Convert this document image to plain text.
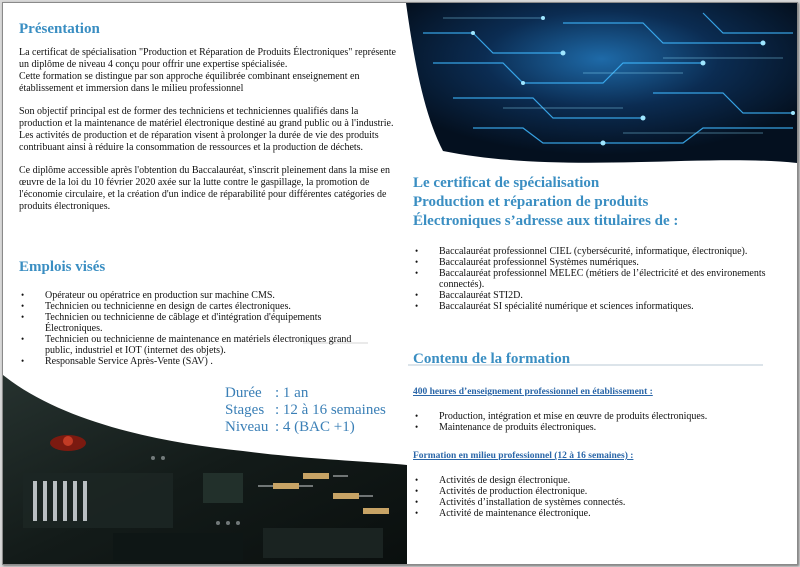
Présentation
La certificat de spécialisation "Production et Réparation de Produits Électroniques" représente un diplôme de niveau 4 conçu pour offrir une expertise spécialisée.
Cette formation se distingue par son approche équilibrée combinant enseignement en établissement et immersion dans le milieu professionnel
Son objectif principal est de former des techniciens et techniciennes qualifiés dans la production et la maintenance de matériel électronique destiné au grand public ou à l'industrie. Les activités de production et de réparation visent à prolonger la durée de vie des produits contribuant ainsi à réduire la consommation de ressources et la production de déchets.
Ce diplôme accessible après l'obtention du Baccalauréat, s'inscrit pleinement dans la mise en œuvre de la loi du 10 février 2020 axée sur la lutte contre le gaspillage, la promotion de l'économie circulaire, et la création d'un indice de réparabilité pour différentes catégories de produits électroniques.
Emplois visés
• Opérateur ou opératrice en production sur machine CMS.
• Technicien ou technicienne en design de cartes électroniques.
• Technicien ou technicienne de câblage et d'intégration d'équipements Électroniques.
• Technicien ou technicienne de maintenance en matériels électroniques grand public, industriel et IOT (internet des objets).
• Responsable Service Après-Vente (SAV) .
Durée : 1 an
Stages : 12 à 16 semaines
Niveau : 4 (BAC +1)
Le certificat de spécialisation
Production et réparation de produits
Électroniques s’adresse aux titulaires de :
• Baccalauréat professionnel CIEL (cybersécurité, informatique, électronique).
• Baccalauréat professionnel Systèmes numériques.
• Baccalauréat professionnel MELEC (métiers de l’électricité et des environements connectés).
• Baccalauréat STI2D.
• Baccalauréat SI spécialité numérique et sciences informatiques.
Contenu de la formation
400 heures d’enseignement professionnel en établissement :
• Production, intégration et mise en œuvre de produits électroniques.
• Maintenance de produits électroniques.
Formation en milieu professionnel (12 à 16 semaines) :
• Activités de design électronique.
• Activités de production électronique.
• Activités d’installation de systèmes connectés.
• Activité de maintenance électronique.
